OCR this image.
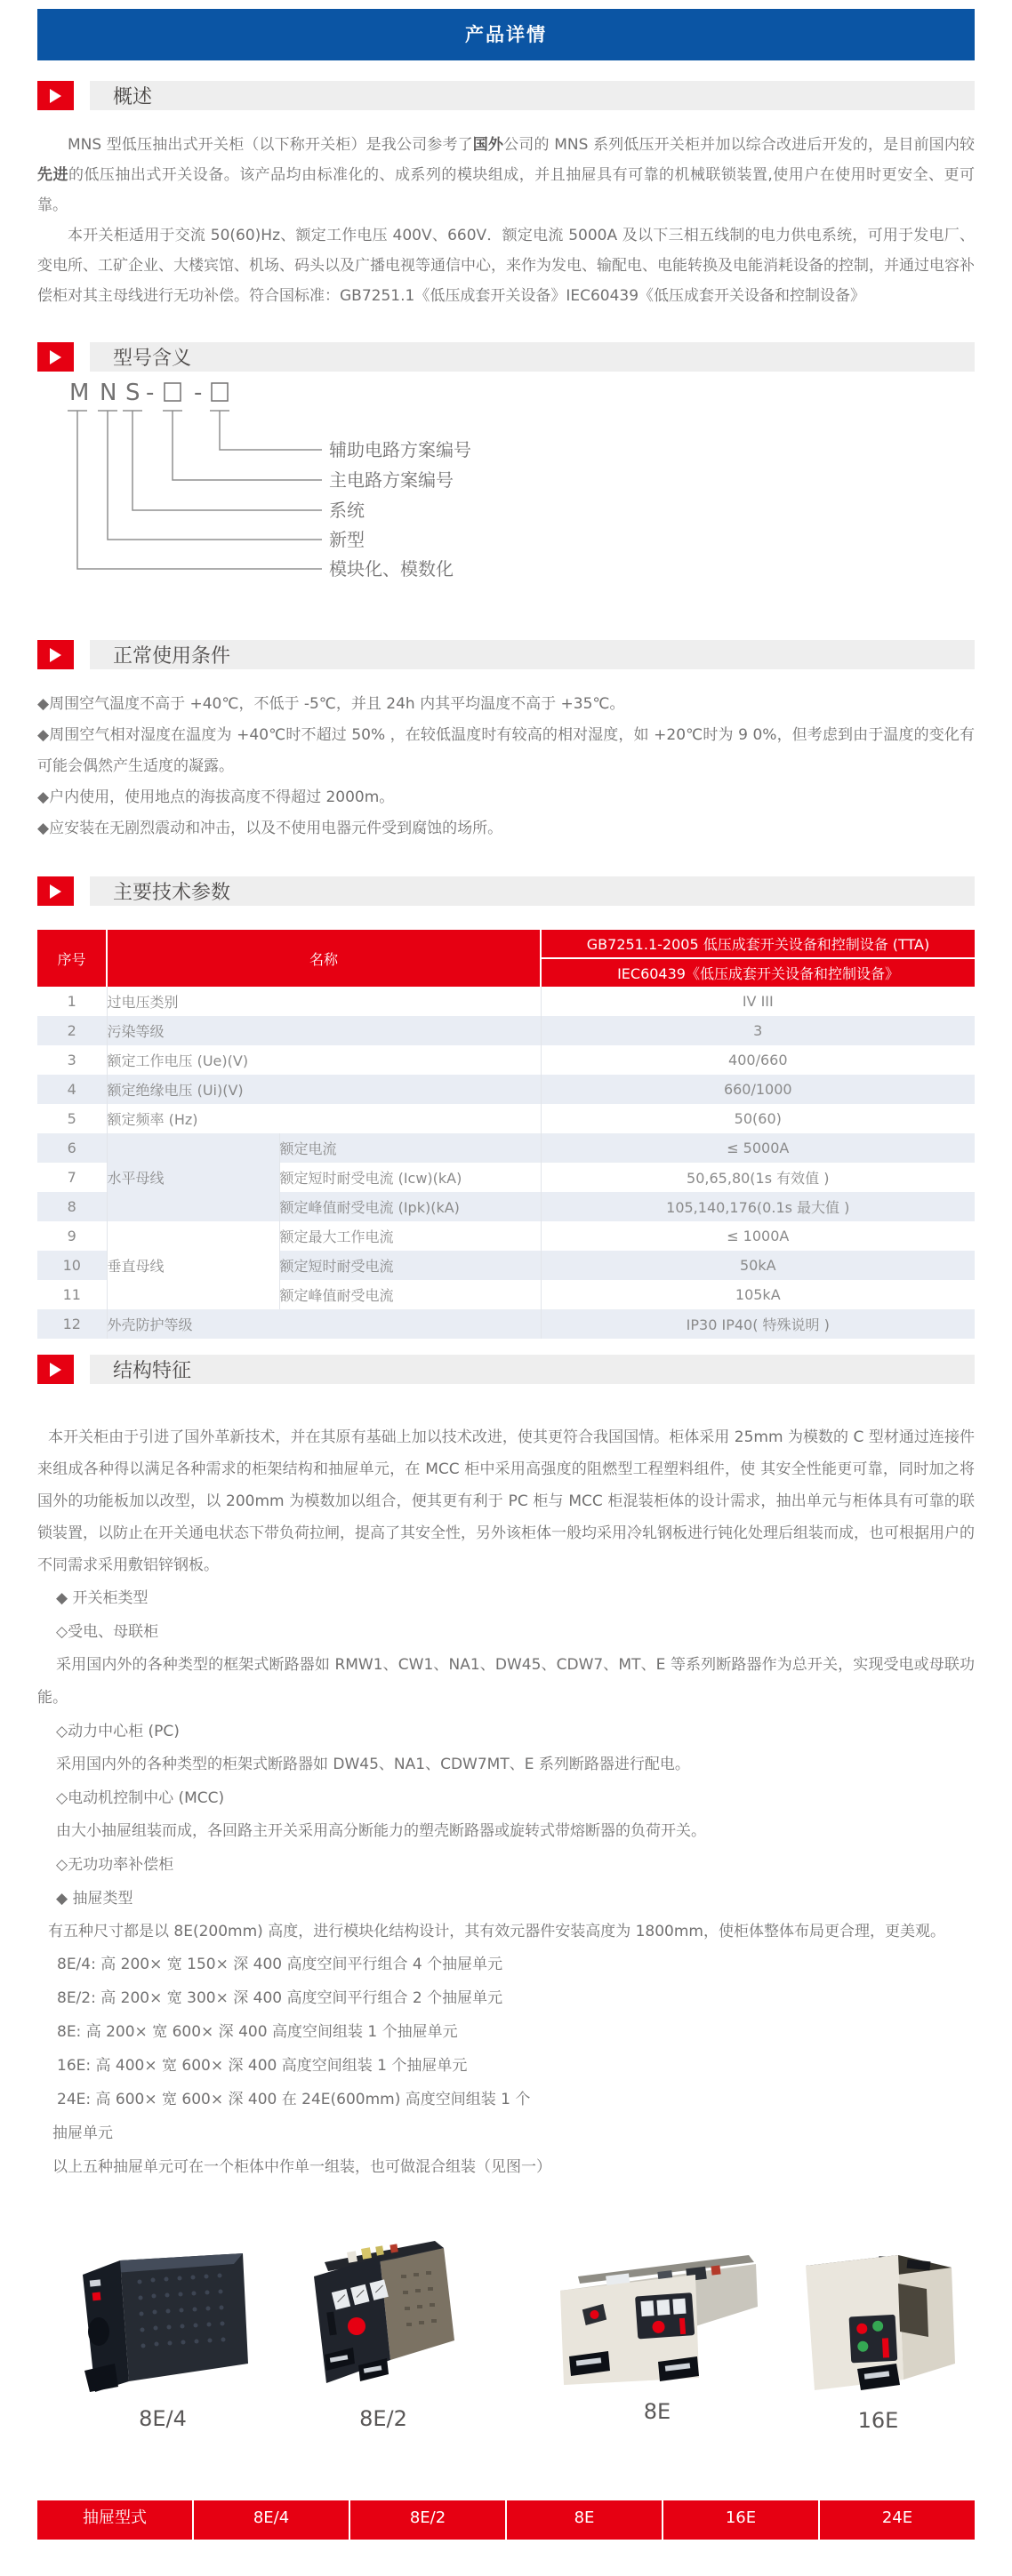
产品详情
概述

MNS 型低压抽出式开关柜（以下称开关柜）是我公司参考了国外公司的 MNS 系列低压开关柜并加以综合改进后开发的，是目前国内较先进的低压抽出式开关设备。该产品均由标准化的、成系列的模块组成，并且抽屉具有可靠的机械联锁装置,使用户在使用时更安全、更可靠。

本开关柜适用于交流 50(60)Hz、额定工作电压 400V、660V．额定电流 5000A 及以下三相五线制的电力供电系统，可用于发电厂、变电所、工矿企业、大楼宾馆、机场、码头以及广播电视等通信中心，来作为发电、输配电、电能转换及电能消耗设备的控制，并通过电容补偿柜对其主母线进行无功补偿。符合国标准：GB7251.1《低压成套开关设备》IEC60439《低压成套开关设备和控制设备》

型号含义
M N S - -
辅助电路方案编号
主电路方案编号
系统
新型
模块化、模数化
正常使用条件
◆周围空气温度不高于 +40℃，不低于 -5℃，并且 24h 内其平均温度不高于 +35℃。
◆周围空气相对湿度在温度为 +40℃时不超过 50% ，在较低温度时有较高的相对湿度，如 +20℃时为 9 0%，但考虑到由于温度的变化有可能会偶然产生适度的凝露。
◆户内使用，使用地点的海拔高度不得超过 2000m。
◆应安装在无剧烈震动和冲击，以及不使用电器元件受到腐蚀的场所。
主要技术参数
序号	名称		GB7251.1-2005 低压成套开关设备和控制设备 (TTA)
			IEC60439《低压成套开关设备和控制设备》
1	过电压类别		IV III
2	污染等级		3
3	额定工作电压 (Ue)(V)		400/660
4	额定绝缘电压 (Ui)(V)		660/1000
5	额定频率 (Hz)		50(60)
6	水平母线	额定电流	≤ 5000A
7		额定短时耐受电流 (Icw)(kA)	50,65,80(1s 有效值 )
8		额定峰值耐受电流 (Ipk)(kA)	105,140,176(0.1s 最大值 )
9	垂直母线	额定最大工作电流	≤ 1000A
10		额定短时耐受电流	50kA
11		额定峰值耐受电流	105kA
12	外壳防护等级		IP30 IP40( 特殊说明 )
结构特征
本开关柜由于引进了国外革新技术，并在其原有基础上加以技术改进，使其更符合我国国情。柜体采用 25mm 为模数的 C 型材通过连接件来组成各种得以满足各种需求的柜架结构和抽屉单元，在 MCC 柜中采用高强度的阻燃型工程塑料组件，使 其安全性能更可靠，同时加之将国外的功能板加以改型，以 200mm 为模数加以组合，便其更有利于 PC 柜与 MCC 柜混装柜体的设计需求，抽出单元与柜体具有可靠的联锁装置，以防止在开关通电状态下带负荷拉闸，提高了其安全性，另外该柜体一般均采用冷轧钢板进行钝化处理后组装而成，也可根据用户的不同需求采用敷铝锌钢板。
◆ 开关柜类型
◇受电、母联柜
采用国内外的各种类型的框架式断路器如 RMW1、CW1、NA1、DW45、CDW7、MT、E 等系列断路器作为总开关，实现受电或母联功能。
◇动力中心柜 (PC)
采用国内外的各种类型的柜架式断路器如 DW45、NA1、CDW7MT、E 系列断路器进行配电。
◇电动机控制中心 (MCC)
由大小抽屉组装而成，各回路主开关采用高分断能力的塑壳断路器或旋转式带熔断器的负荷开关。
◇无功功率补偿柜
◆ 抽屉类型
有五种尺寸都是以 8E(200mm) 高度，进行模块化结构设计，其有效元器件安装高度为 1800mm，使柜体整体布局更合理，更美观。
8E/4: 高 200× 宽 150× 深 400 高度空间平行组合 4 个抽屉单元
8E/2: 高 200× 宽 300× 深 400 高度空间平行组合 2 个抽屉单元
8E: 高 200× 宽 600× 深 400 高度空间组装 1 个抽屉单元
16E: 高 400× 宽 600× 深 400 高度空间组装 1 个抽屉单元
24E: 高 600× 宽 600× 深 400 在 24E(600mm) 高度空间组装 1 个
抽屉单元
以上五种抽屉单元可在一个柜体中作单一组装，也可做混合组装（见图一）
8E/4	8E/2	8E	16E
抽屉型式	8E/4	8E/2	8E	16E	24E
